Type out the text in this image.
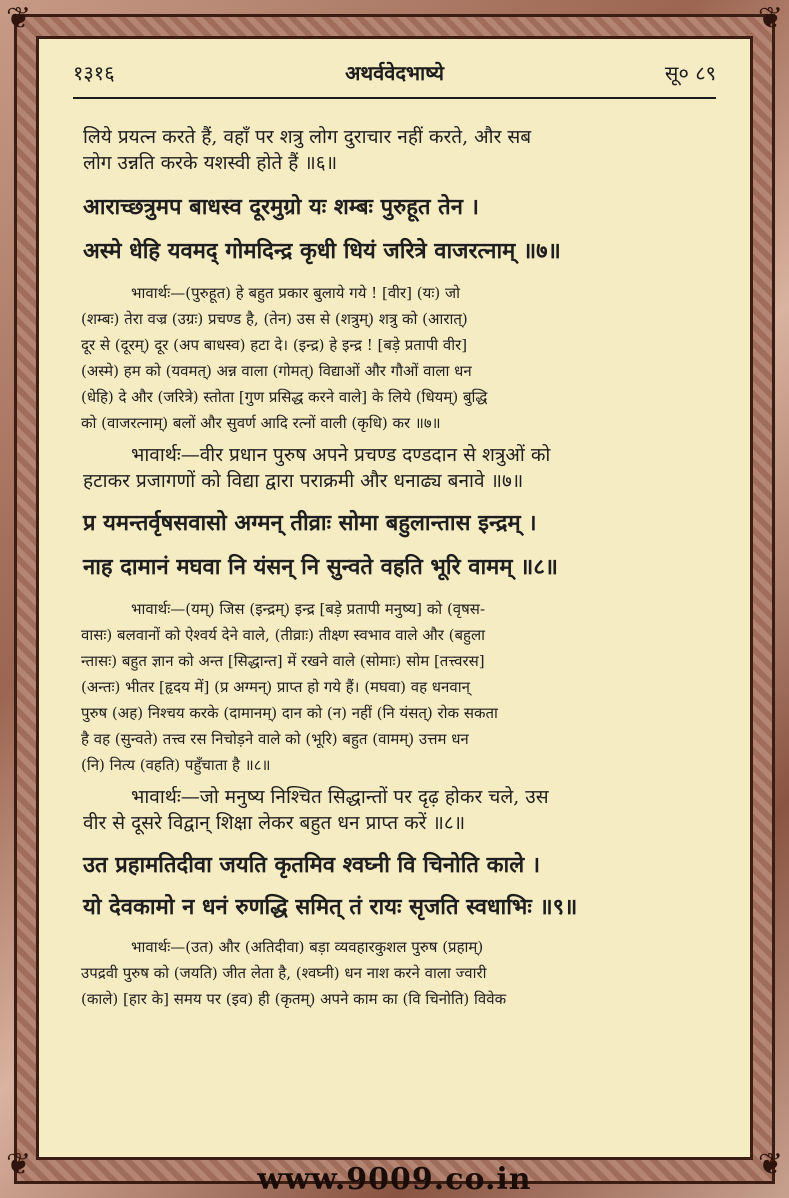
❦	❦
❦	❦
१३१६	अथर्ववेदभाष्ये	सू० ८९
लिये प्रयत्न करते हैं, वहाँ पर शत्रु लोग दुराचार नहीं करते, और सब
लोग उन्नति करके यशस्वी होते हैं ॥६॥
आराच्छत्रुमप बाधस्व दूरमुग्रो यः शम्बः पुरुहूत तेन ।
अस्मे धेहि यवमद् गोमदिन्द्र कृधी धियं जरित्रे वाजरत्नाम् ॥७॥
भावार्थः—(पुरुहूत) हे बहुत प्रकार बुलाये गये ! [वीर] (यः) जो
(शम्बः) तेरा वज्र (उग्रः) प्रचण्ड है, (तेन) उस से (शत्रुम्) शत्रु को (आरात्)
दूर से (दूरम्) दूर (अप बाधस्व) हटा दे। (इन्द्र) हे इन्द्र ! [बड़े प्रतापी वीर]
(अस्मे) हम को (यवमत्) अन्न वाला (गोमत्) विद्याओं और गौओं वाला धन
(धेहि) दे और (जरित्रे) स्तोता [गुण प्रसिद्ध करने वाले] के लिये (धियम्) बुद्धि
को (वाजरत्नाम्) बलों और सुवर्ण आदि रत्नों वाली (कृधि) कर ॥७॥
भावार्थः—वीर प्रधान पुरुष अपने प्रचण्ड दण्डदान से शत्रुओं को
हटाकर प्रजागणों को विद्या द्वारा पराक्रमी और धनाढ्य बनावे ॥७॥
प्र यमन्तर्वृषसवासो अग्मन् तीव्राः सोमा बहुलान्तास इन्द्रम् ।
नाह दामानं मघवा नि यंसन् नि सुन्वते वहति भूरि वामम् ॥८॥
भावार्थः—(यम्) जिस (इन्द्रम्) इन्द्र [बड़े प्रतापी मनुष्य] को (वृषस-
वासः) बलवानों को ऐश्वर्य देने वाले, (तीव्राः) तीक्ष्ण स्वभाव वाले और (बहुला
न्तासः) बहुत ज्ञान को अन्त [सिद्धान्त] में रखने वाले (सोमाः) सोम [तत्त्वरस]
(अन्तः) भीतर [हृदय में] (प्र अग्मन्) प्राप्त हो गये हैं। (मघवा) वह धनवान्
पुरुष (अह) निश्चय करके (दामानम्) दान को (न) नहीं (नि यंसत्) रोक सकता
है वह (सुन्वते) तत्त्व रस निचोड़ने वाले को (भूरि) बहुत (वामम्) उत्तम धन
(नि) नित्य (वहति) पहुँचाता है ॥८॥
भावार्थः—जो मनुष्य निश्चित सिद्धान्तों पर दृढ़ होकर चले, उस
वीर से दूसरे विद्वान् शिक्षा लेकर बहुत धन प्राप्त करें ॥८॥
उत प्रहामतिदीवा जयति कृतमिव श्वघ्नी वि चिनोति काले ।
यो देवकामो न धनं रुणद्धि समित् तं रायः सृजति स्वधाभिः ॥९॥
भावार्थः—(उत) और (अतिदीवा) बड़ा व्यवहारकुशल पुरुष (प्रहाम्)
उपद्रवी पुरुष को (जयति) जीत लेता है, (श्वघ्नी) धन नाश करने वाला ज्वारी
(काले) [हार के] समय पर (इव) ही (कृतम्) अपने काम का (वि चिनोति) विवेक
www.9009.co.in
